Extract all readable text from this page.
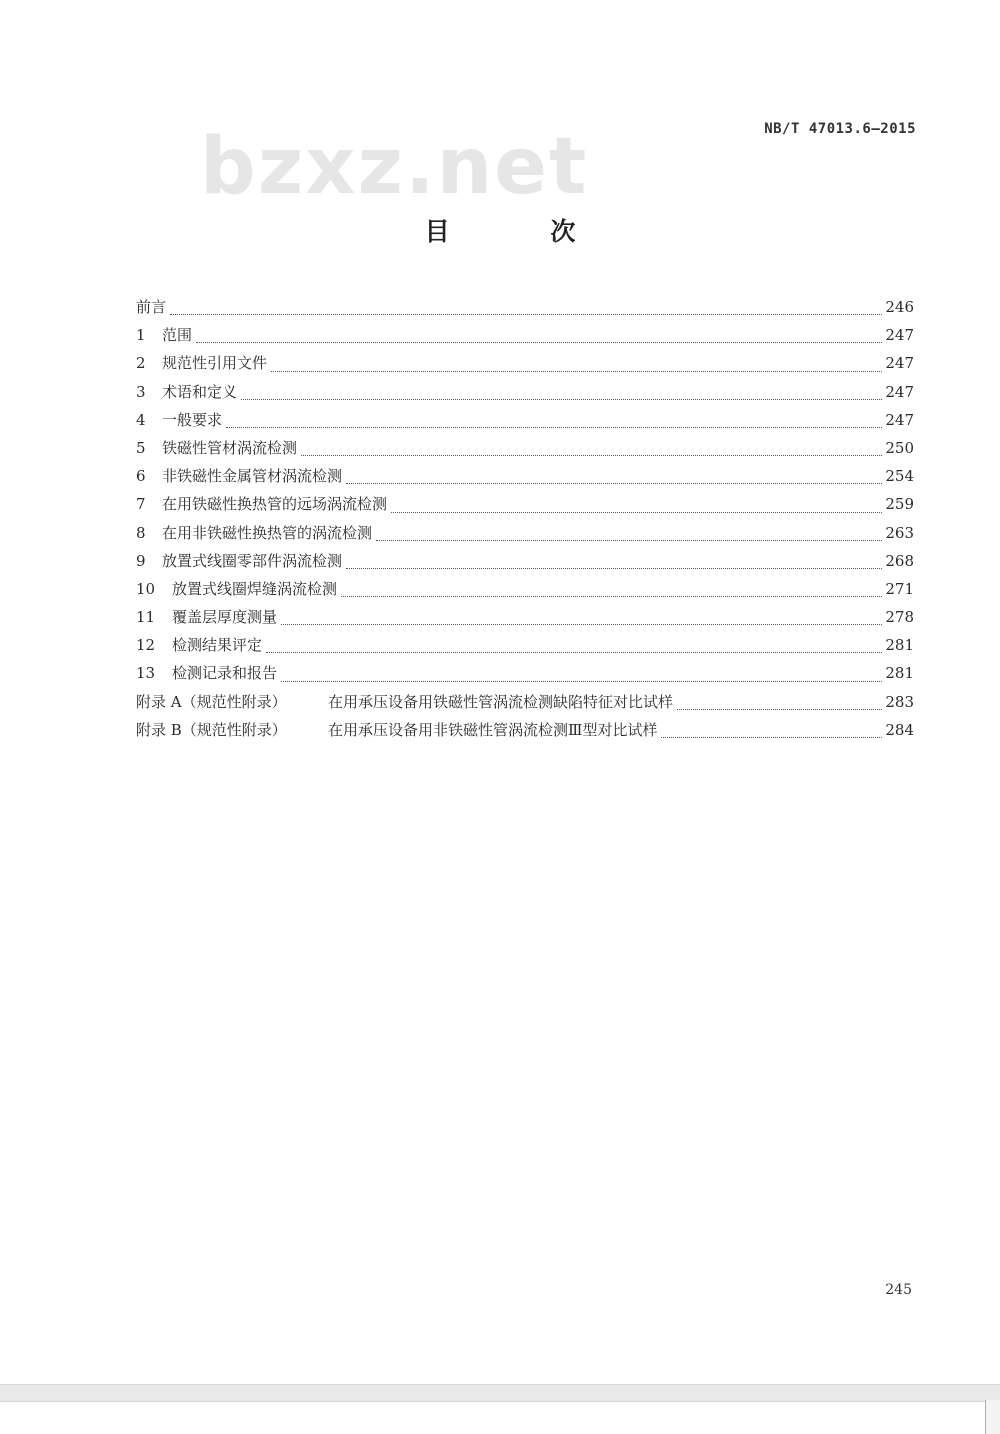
bzxz.net	NB/T 47013.6—2015
目 次
前言	246
1	范围	247
2	规范性引用文件	247
3	术语和定义	247
4	一般要求	247
5	铁磁性管材涡流检测	250
6	非铁磁性金属管材涡流检测	254
7	在用铁磁性换热管的远场涡流检测	259
8	在用非铁磁性换热管的涡流检测	263
9	放置式线圈零部件涡流检测	268
10	放置式线圈焊缝涡流检测	271
11	覆盖层厚度测量	278
12	检测结果评定	281
13	检测记录和报告	281
附录 A（规范性附录）	在用承压设备用铁磁性管涡流检测缺陷特征对比试样	283
附录 B（规范性附录）	在用承压设备用非铁磁性管涡流检测Ⅲ型对比试样	284
245
